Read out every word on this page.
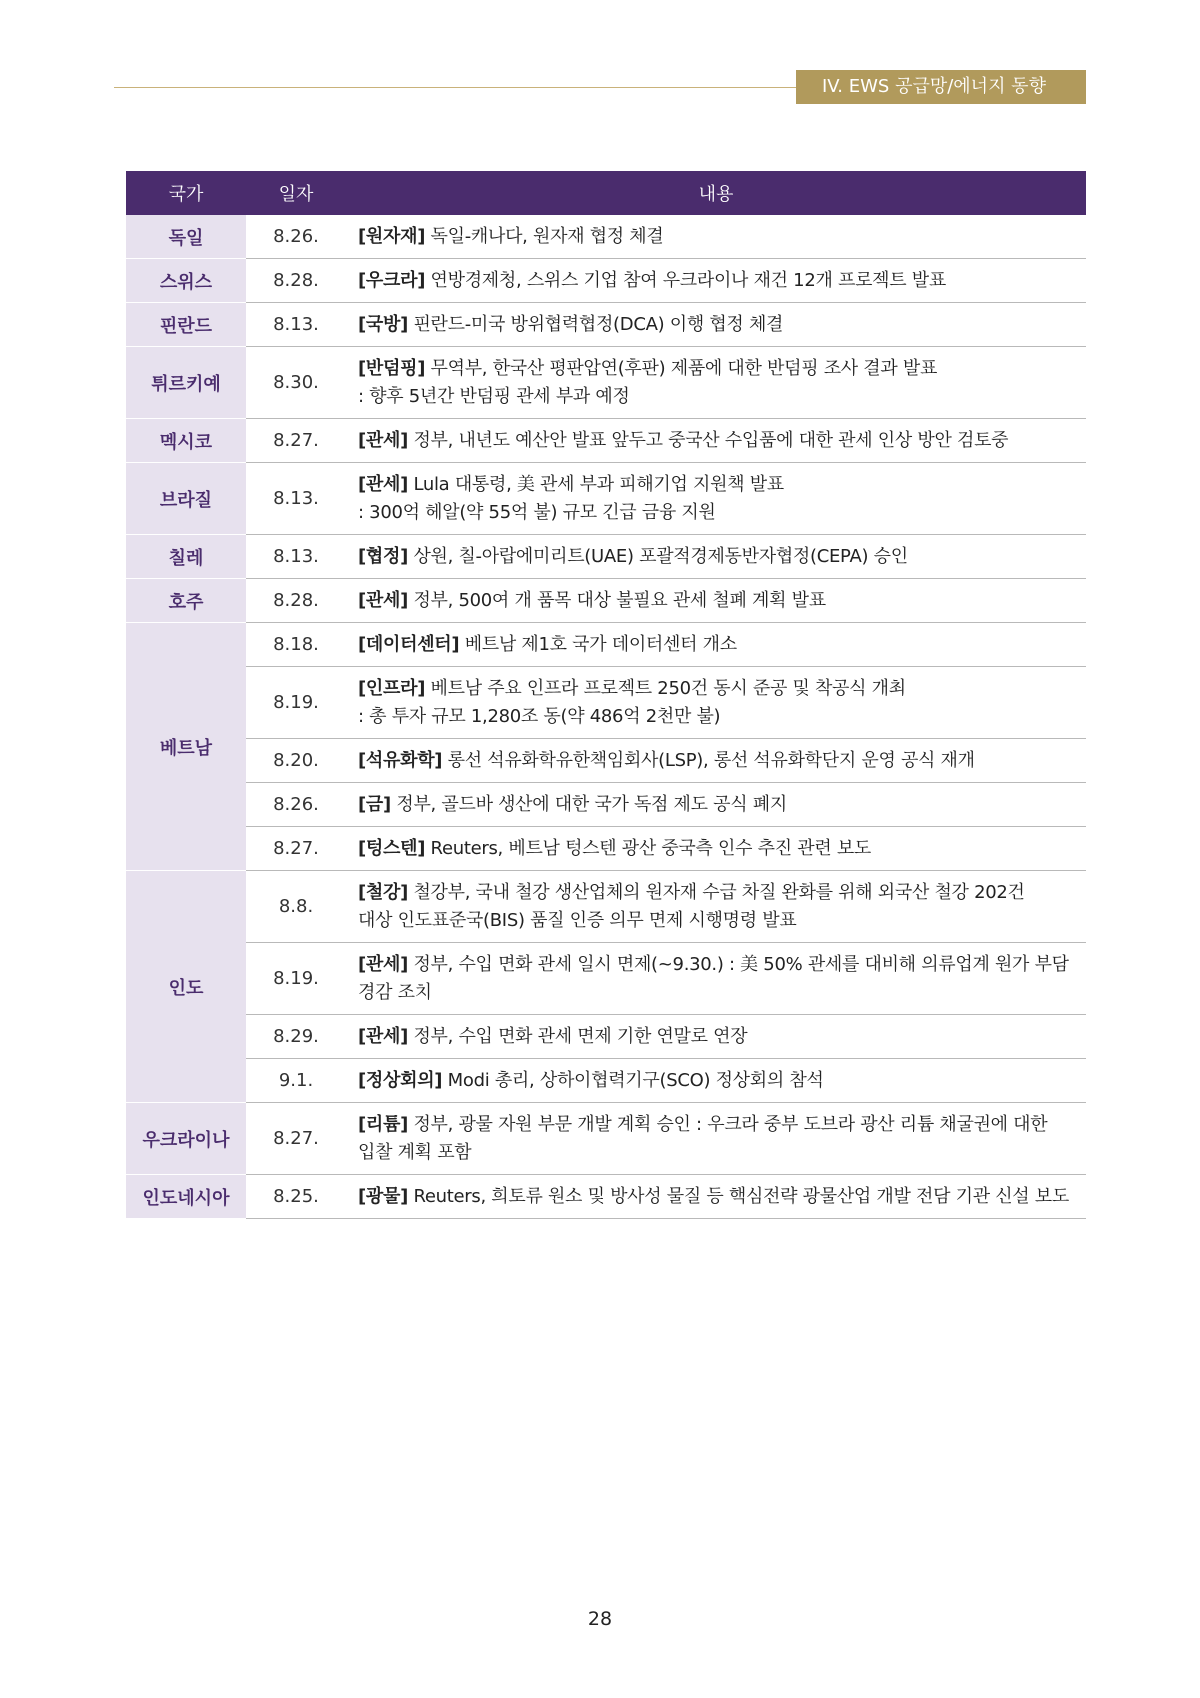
IV. EWS 공급망/에너지 동향
국가	일자	내용
독일	8.26.	[원자재] 독일-캐나다, 원자재 협정 체결
스위스	8.28.	[우크라] 연방경제청, 스위스 기업 참여 우크라이나 재건 12개 프로젝트 발표
핀란드	8.13.	[국방] 핀란드-미국 방위협력협정(DCA) 이행 협정 체결
튀르키예	8.30.	[반덤핑] 무역부, 한국산 평판압연(후판) 제품에 대한 반덤핑 조사 결과 발표
: 향후 5년간 반덤핑 관세 부과 예정

멕시코	8.27.	[관세] 정부, 내년도 예산안 발표 앞두고 중국산 수입품에 대한 관세 인상 방안 검토중
브라질	8.13.	[관세] Lula 대통령, 美 관세 부과 피해기업 지원책 발표
: 300억 헤알(약 55억 불) 규모 긴급 금융 지원

칠레	8.13.	[협정] 상원, 칠-아랍에미리트(UAE) 포괄적경제동반자협정(CEPA) 승인
호주	8.28.	[관세] 정부, 500여 개 품목 대상 불필요 관세 철폐 계획 발표
베트남	8.18.	[데이터센터] 베트남 제1호 국가 데이터센터 개소
	8.19.	[인프라] 베트남 주요 인프라 프로젝트 250건 동시 준공 및 착공식 개최
: 총 투자 규모 1,280조 동(약 486억 2천만 불)

	8.20.	[석유화학] 롱선 석유화학유한책임회사(LSP), 롱선 석유화학단지 운영 공식 재개
	8.26.	[금] 정부, 골드바 생산에 대한 국가 독점 제도 공식 폐지
	8.27.	[텅스텐] Reuters, 베트남 텅스텐 광산 중국측 인수 추진 관련 보도
인도	8.8.	[철강] 철강부, 국내 철강 생산업체의 원자재 수급 차질 완화를 위해 외국산 철강 202건
대상 인도표준국(BIS) 품질 인증 의무 면제 시행명령 발표

	8.19.	[관세] 정부, 수입 면화 관세 일시 면제(~9.30.) : 美 50% 관세를 대비해 의류업계 원가 부담
경감 조치

	8.29.	[관세] 정부, 수입 면화 관세 면제 기한 연말로 연장
	9.1.	[정상회의] Modi 총리, 상하이협력기구(SCO) 정상회의 참석
우크라이나	8.27.	[리튬] 정부, 광물 자원 부문 개발 계획 승인 : 우크라 중부 도브라 광산 리튬 채굴권에 대한
입찰 계획 포함

인도네시아	8.25.	[광물] Reuters, 희토류 원소 및 방사성 물질 등 핵심전략 광물산업 개발 전담 기관 신설 보도
28
